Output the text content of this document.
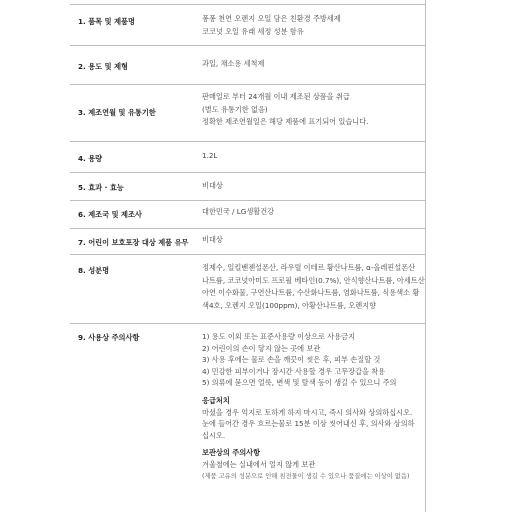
1. 품목 및 제품명	퐁퐁 천연 오렌지 오일 담은 친환경 주방세제
코코넛 오일 유래 세정 성분 함유
2. 용도 및 제형	과일, 채소용 세척제
3. 제조연월 및 유통기한
판매일로 부터 24개월 이내 제조된 상품을 취급
(별도 유통기한 없음)
정확한 제조연월일은 해당 제품에 표기되어 있습니다.
4. 용량	1.2L
5. 효과 · 효능	비대상
6. 제조국 및 제조사	대한민국 / LG생활건강
7. 어린이 보호포장 대상 제품 유무 비대상
8. 성분명	정제수, 일킬벤젠설폰산, 라우릴 이테르 황산나트륨, α-올레핀설폰산
나트륨, 코코넛아미도 프로필 베타인(0.7%), 안식향산나트륨, 아세트산
아연 이수화물, 구연산나트륨, 수산화나트륨, 염화나트륨, 식용색소 황
색4호, 오렌지 오일(100ppm), 아황산나트륨, 오렌지향
9. 사용상 주의사항	1) 용도 이외 또는 표준사용량 이상으로 사용금지
2) 어린이의 손이 닿지 않는 곳에 보관
3) 사용 후에는 물로 손을 깨끗이 씻은 후, 피부 손질할 것
4) 민감한 피부이거나 장시간 사용할 경우 고무장갑을 착용
5) 의류에 묻으면 얼룩, 변색 및 탈색 등이 생길 수 있으니 주의
응급처치
마셨을 경우 억지로 토하게 하지 마시고, 즉시 의사와 상의하십시오.
눈에 들어간 경우 흐르는물로 15분 이상 씻어내신 후, 의사와 상의하
십시오.
보관상의 주의사항
겨울철에는 실내에서 얼지 않게 보관
(제품 고유의 성분으로 인해 침전물이 생길 수 있으나 품질에는 이상이 없음)
